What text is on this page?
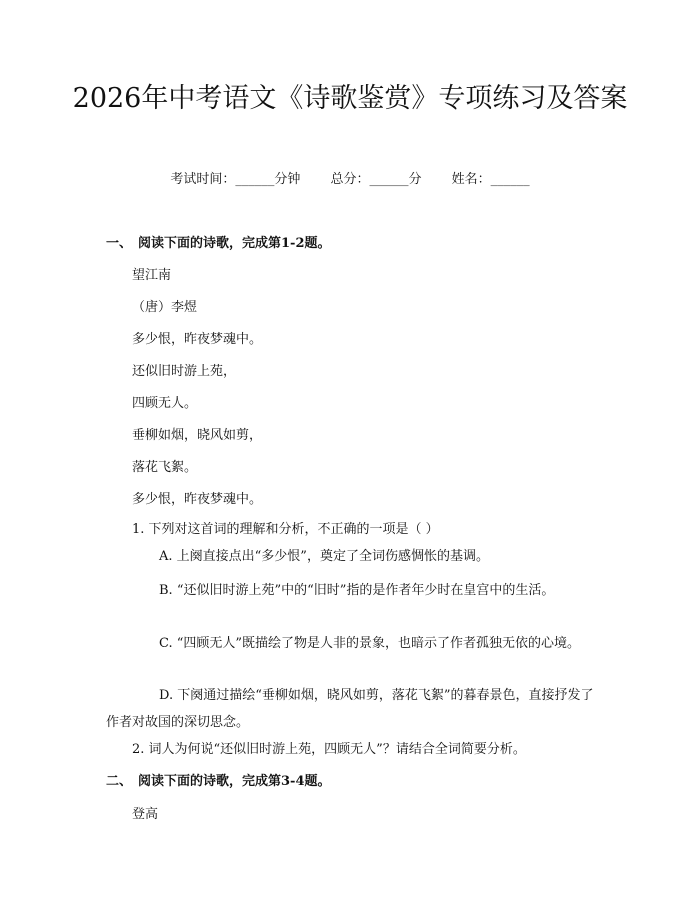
2026年中考语文《诗歌鉴赏》专项练习及答案
考试时间：______分钟 总分：______分 姓名：______
一、 阅读下面的诗歌，完成第1-2题。
望江南
（唐）李煜
多少恨，昨夜梦魂中。
还似旧时游上苑，
四顾无人。
垂柳如烟，晓风如剪，
落花飞絮。
多少恨，昨夜梦魂中。
1. 下列对这首词的理解和分析，不正确的一项是（ ）
A. 上阕直接点出“多少恨”，奠定了全词伤感惆怅的基调。
B. “还似旧时游上苑”中的“旧时”指的是作者年少时在皇宫中的生活。
C. “四顾无人”既描绘了物是人非的景象，也暗示了作者孤独无依的心境。
D. 下阕通过描绘“垂柳如烟，晓风如剪，落花飞絮”的暮春景色，直接抒发了作者对故国的深切思念。
2. 词人为何说“还似旧时游上苑，四顾无人”？请结合全词简要分析。
二、 阅读下面的诗歌，完成第3-4题。
登高
